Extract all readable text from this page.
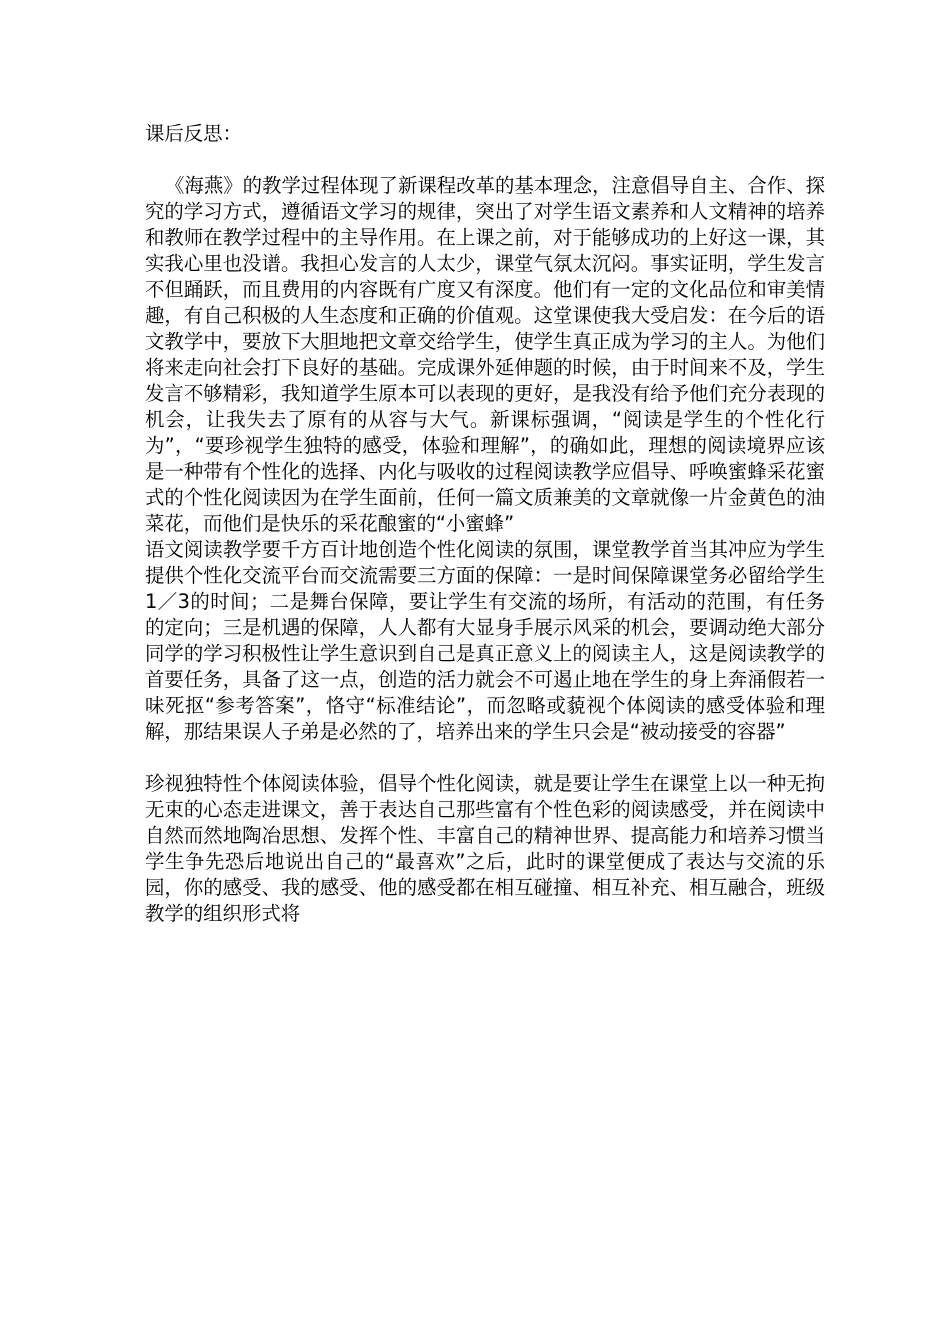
课后反思：

《海燕》的教学过程体现了新课程改革的基本理念，注意倡导自主、合作、探究的学习方式，遵循语文学习的规律，突出了对学生语文素养和人文精神的培养和教师在教学过程中的主导作用。在上课之前，对于能够成功的上好这一课，其实我心里也没谱。我担心发言的人太少，课堂气氛太沉闷。事实证明，学生发言不但踊跃，而且费用的内容既有广度又有深度。他们有一定的文化品位和审美情趣，有自己积极的人生态度和正确的价值观。这堂课使我大受启发：在今后的语文教学中，要放下大胆地把文章交给学生，使学生真正成为学习的主人。为他们将来走向社会打下良好的基础。完成课外延伸题的时候，由于时间来不及，学生发言不够精彩，我知道学生原本可以表现的更好，是我没有给予他们充分表现的机会，让我失去了原有的从容与大气。新课标强调，“阅读是学生的个性化行为”，“要珍视学生独特的感受，体验和理解”，的确如此，理想的阅读境界应该是一种带有个性化的选择、内化与吸收的过程阅读教学应倡导、呼唤蜜蜂采花蜜式的个性化阅读因为在学生面前，任何一篇文质兼美的文章就像一片金黄色的油菜花，而他们是快乐的采花酿蜜的“小蜜蜂”

语文阅读教学要千方百计地创造个性化阅读的氛围，课堂教学首当其冲应为学生提供个性化交流平台而交流需要三方面的保障：一是时间保障课堂务必留给学生1／3的时间；二是舞台保障，要让学生有交流的场所，有活动的范围，有任务的定向；三是机遇的保障，人人都有大显身手展示风采的机会，要调动绝大部分同学的学习积极性让学生意识到自己是真正意义上的阅读主人，这是阅读教学的首要任务，具备了这一点，创造的活力就会不可遏止地在学生的身上奔涌假若一味死抠“参考答案”，恪守“标准结论”，而忽略或藐视个体阅读的感受体验和理解，那结果误人子弟是必然的了，培养出来的学生只会是“被动接受的容器”

珍视独特性个体阅读体验，倡导个性化阅读，就是要让学生在课堂上以一种无拘无束的心态走进课文，善于表达自己那些富有个性色彩的阅读感受，并在阅读中自然而然地陶冶思想、发挥个性、丰富自己的精神世界、提高能力和培养习惯当学生争先恐后地说出自己的“最喜欢”之后，此时的课堂便成了表达与交流的乐园，你的感受、我的感受、他的感受都在相互碰撞、相互补充、相互融合，班级教学的组织形式将
